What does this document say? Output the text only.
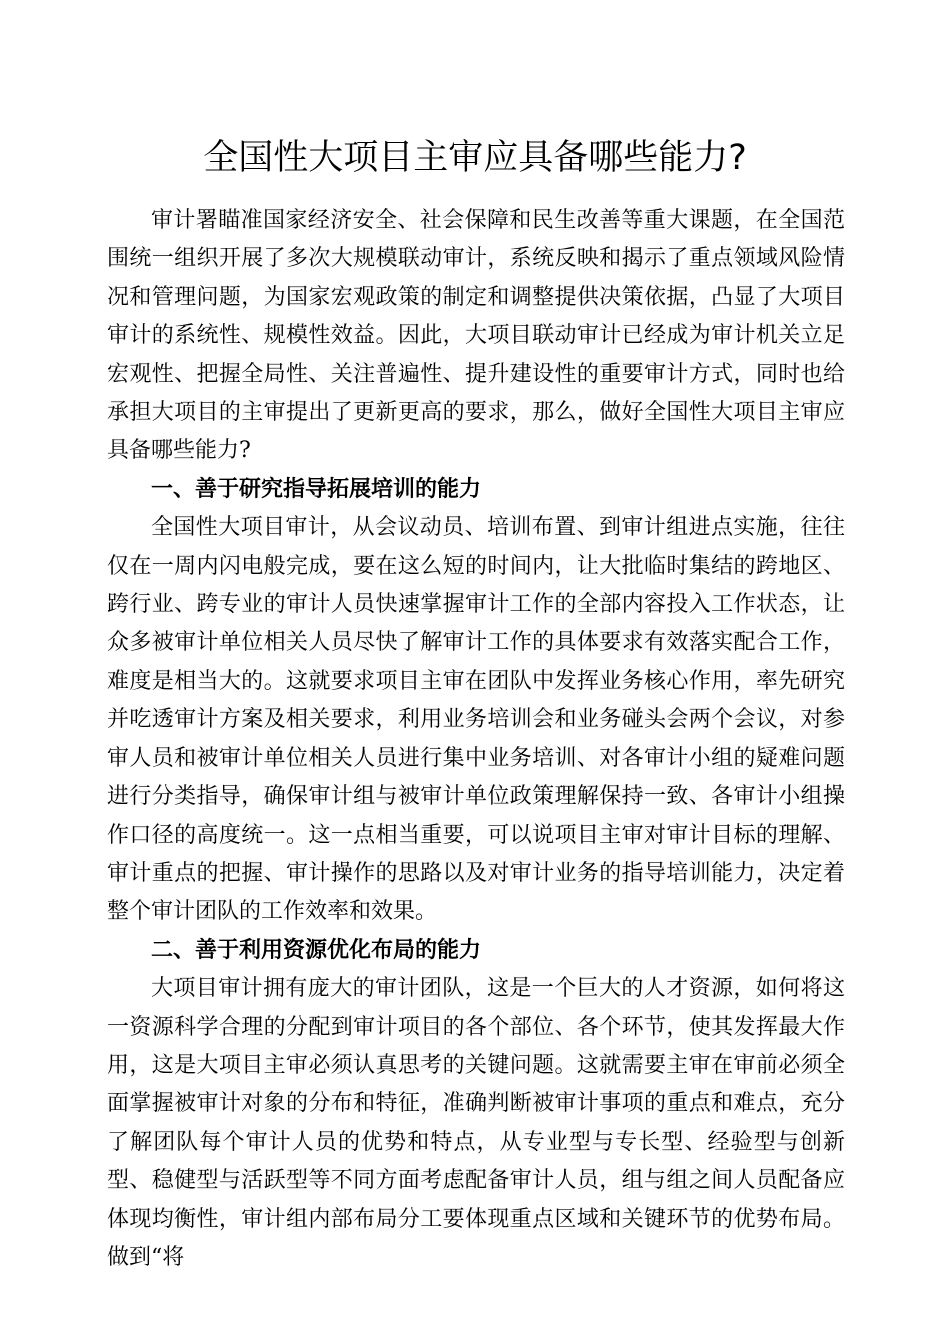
全国性大项目主审应具备哪些能力?

审计署瞄准国家经济安全、社会保障和民生改善等重大课题，在全国范围统一组织开展了多次大规模联动审计，系统反映和揭示了重点领域风险情况和管理问题，为国家宏观政策的制定和调整提供决策依据，凸显了大项目审计的系统性、规模性效益。因此，大项目联动审计已经成为审计机关立足宏观性、把握全局性、关注普遍性、提升建设性的重要审计方式，同时也给承担大项目的主审提出了更新更高的要求，那么，做好全国性大项目主审应具备哪些能力?

一、善于研究指导拓展培训的能力

全国性大项目审计，从会议动员、培训布置、到审计组进点实施，往往仅在一周内闪电般完成，要在这么短的时间内，让大批临时集结的跨地区、跨行业、跨专业的审计人员快速掌握审计工作的全部内容投入工作状态，让众多被审计单位相关人员尽快了解审计工作的具体要求有效落实配合工作，难度是相当大的。这就要求项目主审在团队中发挥业务核心作用，率先研究并吃透审计方案及相关要求，利用业务培训会和业务碰头会两个会议，对参审人员和被审计单位相关人员进行集中业务培训、对各审计小组的疑难问题进行分类指导，确保审计组与被审计单位政策理解保持一致、各审计小组操作口径的高度统一。这一点相当重要，可以说项目主审对审计目标的理解、审计重点的把握、审计操作的思路以及对审计业务的指导培训能力，决定着整个审计团队的工作效率和效果。

二、善于利用资源优化布局的能力

大项目审计拥有庞大的审计团队，这是一个巨大的人才资源，如何将这一资源科学合理的分配到审计项目的各个部位、各个环节，使其发挥最大作用，这是大项目主审必须认真思考的关键问题。这就需要主审在审前必须全面掌握被审计对象的分布和特征，准确判断被审计事项的重点和难点，充分了解团队每个审计人员的优势和特点，从专业型与专长型、经验型与创新型、稳健型与活跃型等不同方面考虑配备审计人员，组与组之间人员配备应体现均衡性，审计组内部布局分工要体现重点区域和关键环节的优势布局。做到“将
